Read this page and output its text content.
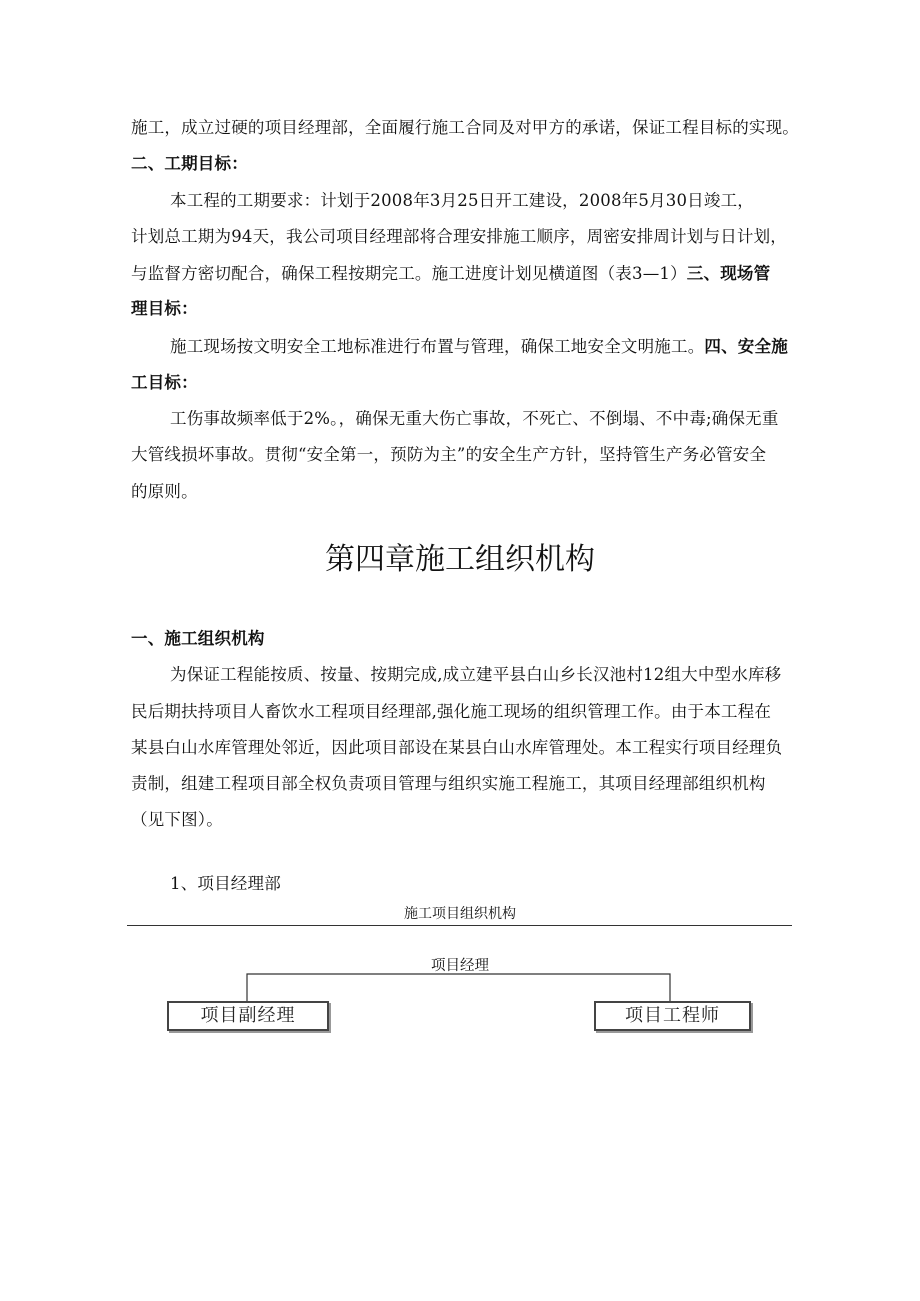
施工，成立过硬的项目经理部，全面履行施工合同及对甲方的承诺，保证工程目标的实现。
二、工期目标：
本工程的工期要求：计划于2008年3月25日开工建设，2008年5月30日竣工，
计划总工期为94天，我公司项目经理部将合理安排施工顺序，周密安排周计划与日计划，
与监督方密切配合，确保工程按期完工。施工进度计划见横道图（表3—1）三、现场管
理目标：
施工现场按文明安全工地标准进行布置与管理，确保工地安全文明施工。四、安全施
工目标：
工伤事故频率低于2%。，确保无重大伤亡事故，不死亡、不倒塌、不中毒;确保无重
大管线损坏事故。贯彻“安全第一，预防为主”的安全生产方针，坚持管生产务必管安全
的原则。
第四章施工组织机构
一、施工组织机构
为保证工程能按质、按量、按期完成,成立建平县白山乡长汉池村12组大中型水库移
民后期扶持项目人畜饮水工程项目经理部,强化施工现场的组织管理工作。由于本工程在
某县白山水库管理处邻近，因此项目部设在某县白山水库管理处。本工程实行项目经理负
责制，组建工程项目部全权负责项目管理与组织实施工程施工，其项目经理部组织机构
（见下图）。
1、项目经理部
施工项目组织机构
项目经理
项目副经理	项目工程师
